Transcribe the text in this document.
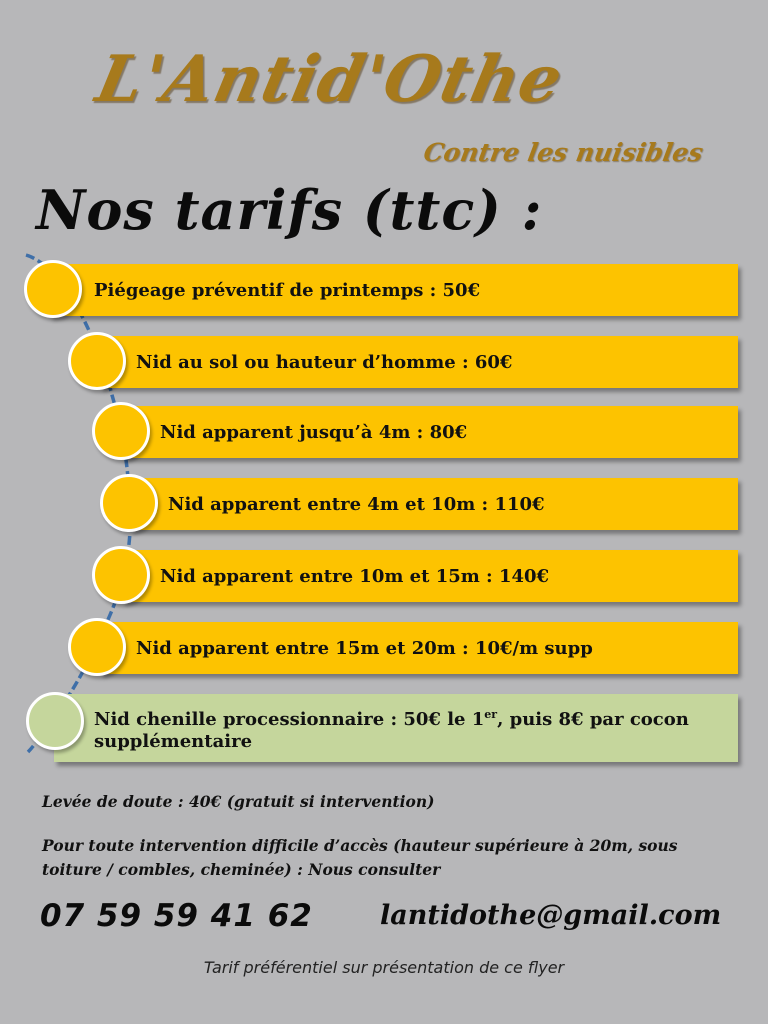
L'Antid'Othe
Contre les nuisibles
Nos tarifs (ttc) :
Piégeage préventif de printemps : 50€
Nid au sol ou hauteur d’homme : 60€
Nid apparent jusqu’à 4m : 80€
Nid apparent entre 4m et 10m : 110€
Nid apparent entre 10m et 15m : 140€
Nid apparent entre 15m et 20m : 10€/m supp
Nid chenille processionnaire : 50€ le 1er, puis 8€ par cocon supplémentaire
Levée de doute : 40€ (gratuit si intervention)
Pour toute intervention difficile d’accès (hauteur supérieure à 20m, sous toiture / combles, cheminée) : Nous consulter
07 59 59 41 62 lantidothe@gmail.com
Tarif préférentiel sur présentation de ce flyer
